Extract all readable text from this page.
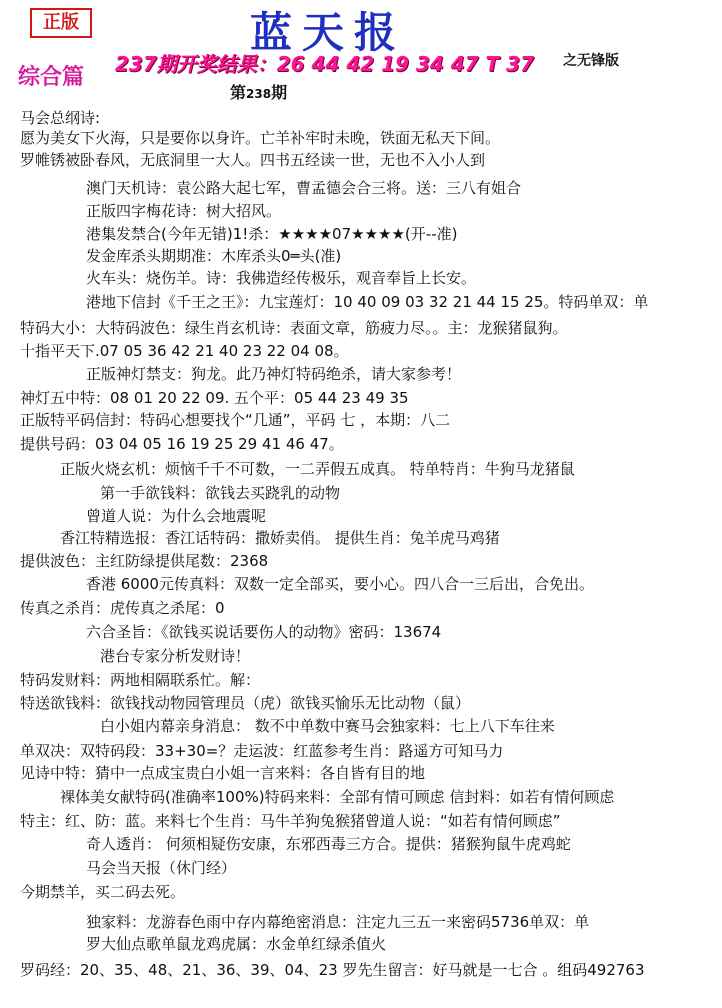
正版	蓝天报
综合篇 237期开奖结果：26 44 42 19 34 47 T 37 之无锋版
第238期
马会总纲诗:
愿为美女下火海，只是要你以身许。亡羊补牢时未晚，铁面无私天下间。
罗帷锈被卧春风，无底洞里一大人。四书五经读一世，无也不入小人到
澳门天机诗：袁公路大起七军，曹孟德会合三将。送：三八有姐合
正版四字梅花诗：树大招风。
港集发禁合(今年无错)1!杀：★★★★07★★★★(开--准)
发金库杀头期期准：木库杀头0═头(准)
火车头：烧伤羊。诗：我佛造经传极乐，观音奉旨上长安。
港地下信封《千王之王》：九宝莲灯：10 40 09 03 32 21 44 15 25。特码单双：单
特码大小：大特码波色：绿生肖玄机诗：表面文章，筋疲力尽。。主：龙猴猪鼠狗。
十指平天下.07 05 36 42 21 40 23 22 04 08。
正版神灯禁支：狗龙。此乃神灯特码绝杀，请大家参考！
神灯五中特：08 01 20 22 09. 五个平：05 44 23 49 35
正版特平码信封：特码心想要找个“几通”，平码 七 ，本期：八二
提供号码：03 04 05 16 19 25 29 41 46 47。
正版火烧玄机：烦恼千千不可数，一二弄假五成真。 特单特肖：牛狗马龙猪鼠
第一手欲钱料：欲钱去买跷乳的动物
曾道人说：为什么会地震呢
香江特精选报：香江话特码：撒娇卖俏。 提供生肖：兔羊虎马鸡猪
提供波色：主红防绿提供尾数：2368
香港 6000元传真料：双数一定全部买，要小心。四八合一三后出，合免出。
传真之杀肖：虎传真之杀尾：0
六合圣旨：《欲钱买说话要伤人的动物》密码：13674
港台专家分析发财诗！
特码发财料：两地相隔联系忙。解：
特送欲钱料：欲钱找动物园管理员（虎）欲钱买愉乐无比动物（鼠）
白小姐内幕亲身消息： 数不中单数中赛马会独家料：七上八下车往来
单双决：双特码段：33+30=？走运波：红蓝参考生肖：路遥方可知马力
见诗中特：猜中一点成宝贵白小姐一言来料：各自皆有目的地
裸体美女献特码(准确率100%)特码来料：全部有情可顾虑 信封料：如若有情何顾虑
特主：红、防：蓝。来料七个生肖：马牛羊狗兔猴猪曾道人说：“如若有情何顾虑”
奇人透肖： 何须相疑伤安康，东邪西毒三方合。提供：猪猴狗鼠牛虎鸡蛇
马会当天报（休门经）
今期禁羊，买二码去死。
独家料：龙游春色雨中存内幕绝密消息：注定九三五一来密码5736单双：单
罗大仙点歌单鼠龙鸡虎属：水金单红绿杀值火
罗码经：20、35、48、21、36、39、04、23 罗先生留言：好马就是一七合 。组码492763
